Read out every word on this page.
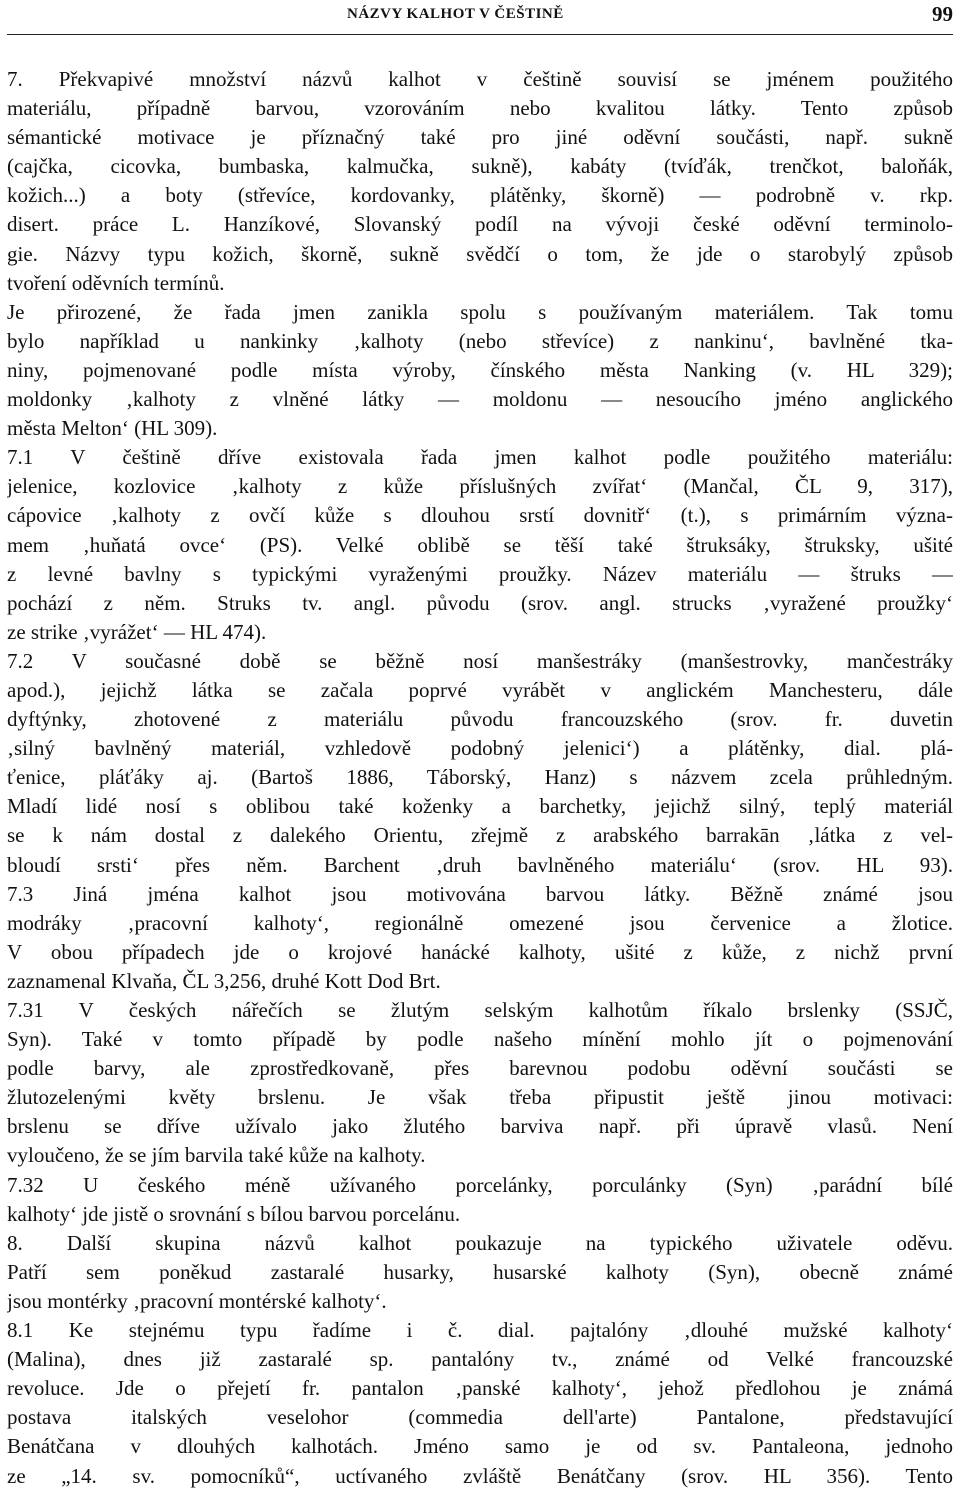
NÁZVY KALHOT V ČEŠTINĚ	99
7. Překvapivé množství názvů kalhot v češtině souvisí se jménem použitého
materiálu, případně barvou, vzorováním nebo kvalitou látky. Tento způsob
sémantické motivace je příznačný také pro jiné oděvní součásti, např. sukně
(cajčka, cicovka, bumbaska, kalmučka, sukně), kabáty (tvíďák, trenčkot, baloňák,
kožich...) a boty (střevíce, kordovanky, plátěnky, škorně) — podrobně v. rkp.
disert. práce L. Hanzíkové, Slovanský podíl na vývoji české oděvní terminolo-
gie. Názvy typu kožich, škorně, sukně svědčí o tom, že jde o starobylý způsob
tvoření oděvních termínů.
Je přirozené, že řada jmen zanikla spolu s používaným materiálem. Tak tomu
bylo například u nankinky ‚kalhoty (nebo střevíce) z nankinu‘, bavlněné tka-
niny, pojmenované podle místa výroby, čínského města Nanking (v. HL 329);
moldonky ‚kalhoty z vlněné látky — moldonu — nesoucího jméno anglického
města Melton‘ (HL 309).
7.1 V češtině dříve existovala řada jmen kalhot podle použitého materiálu:
jelenice, kozlovice ‚kalhoty z kůže příslušných zvířat‘ (Mančal, ČL 9, 317),
cápovice ‚kalhoty z ovčí kůže s dlouhou srstí dovnitř‘ (t.), s primárním význa-
mem ‚huňatá ovce‘ (PS). Velké oblibě se těší také štruksáky, štruksky, ušité
z levné bavlny s typickými vyraženými proužky. Název materiálu — štruks —
pochází z něm. Struks tv. angl. původu (srov. angl. strucks ‚vyražené proužky‘
ze strike ‚vyrážet‘ — HL 474).
7.2 V současné době se běžně nosí manšestráky (manšestrovky, mančestráky
apod.), jejichž látka se začala poprvé vyrábět v anglickém Manchesteru, dále
dyftýnky, zhotovené z materiálu původu francouzského (srov. fr. duvetin
‚silný bavlněný materiál, vzhledově podobný jelenici‘) a plátěnky, dial. plá-
ťenice, pláťáky aj. (Bartoš 1886, Táborský, Hanz) s názvem zcela průhledným.
Mladí lidé nosí s oblibou také koženky a barchetky, jejichž silný, teplý materiál
se k nám dostal z dalekého Orientu, zřejmě z arabského barrakān ‚látka z vel-
bloudí srsti‘ přes něm. Barchent ‚druh bavlněného materiálu‘ (srov. HL 93).
7.3 Jiná jména kalhot jsou motivována barvou látky. Běžně známé jsou
modráky ‚pracovní kalhoty‘, regionálně omezené jsou červenice a žlotice.
V obou případech jde o krojové hanácké kalhoty, ušité z kůže, z nichž první
zaznamenal Klvaňa, ČL 3,256, druhé Kott Dod Brt.
7.31 V českých nářečích se žlutým selským kalhotům říkalo brslenky (SSJČ,
Syn). Také v tomto případě by podle našeho mínění mohlo jít o pojmenování
podle barvy, ale zprostředkovaně, přes barevnou podobu oděvní součásti se
žlutozelenými květy brslenu. Je však třeba připustit ještě jinou motivaci:
brslenu se dříve užívalo jako žlutého barviva např. při úpravě vlasů. Není
vyloučeno, že se jím barvila také kůže na kalhoty.
7.32 U českého méně užívaného porcelánky, porculánky (Syn) ‚parádní bílé
kalhoty‘ jde jistě o srovnání s bílou barvou porcelánu.
8. Další skupina názvů kalhot poukazuje na typického uživatele oděvu.
Patří sem poněkud zastaralé husarky, husarské kalhoty (Syn), obecně známé
jsou montérky ‚pracovní montérské kalhoty‘.
8.1 Ke stejnému typu řadíme i č. dial. pajtalóny ‚dlouhé mužské kalhoty‘
(Malina), dnes již zastaralé sp. pantalóny tv., známé od Velké francouzské
revoluce. Jde o přejetí fr. pantalon ‚panské kalhoty‘, jehož předlohou je známá
postava italských veselohor (commedia dell'arte) Pantalone, představující
Benátčana v dlouhých kalhotách. Jméno samo je od sv. Pantaleona, jednoho
ze „14. sv. pomocníků“, uctívaného zvláště Benátčany (srov. HL 356). Tento
